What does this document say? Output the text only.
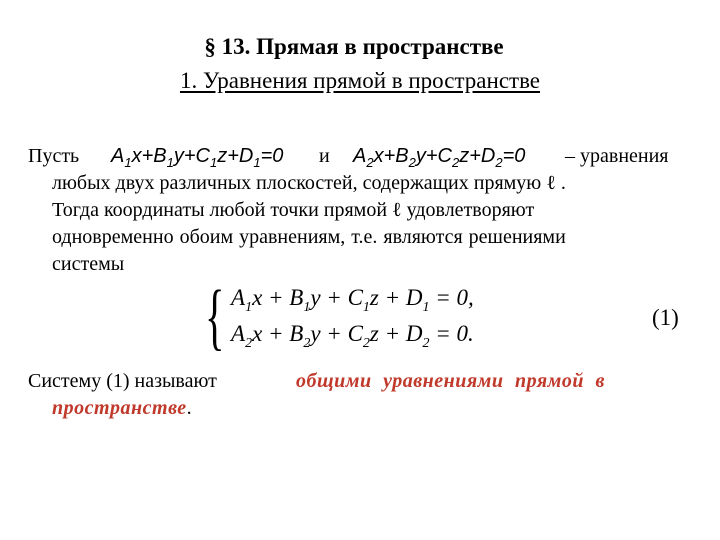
§ 13. Прямая в пространстве
1. Уравнения прямой в пространстве
Пусть $A_1x+B_1y+C_1z+D_1=0$ и $A_2x+B_2y+C_2z+D_2=0$ – уравнения
любых двух различных плоскостей, содержащих прямую ℓ .
Тогда координаты любой точки прямой ℓ удовлетворяют
одновременно обоим уравнениям, т.е. являются решениями
системы
{ $A_1x + B_1y + C_1z + D_1 = 0$,
$A_2x + B_2y + C_2z + D_2 = 0$.
(1)
Систему (1) называют	общими уравнениями прямой в
пространстве.
